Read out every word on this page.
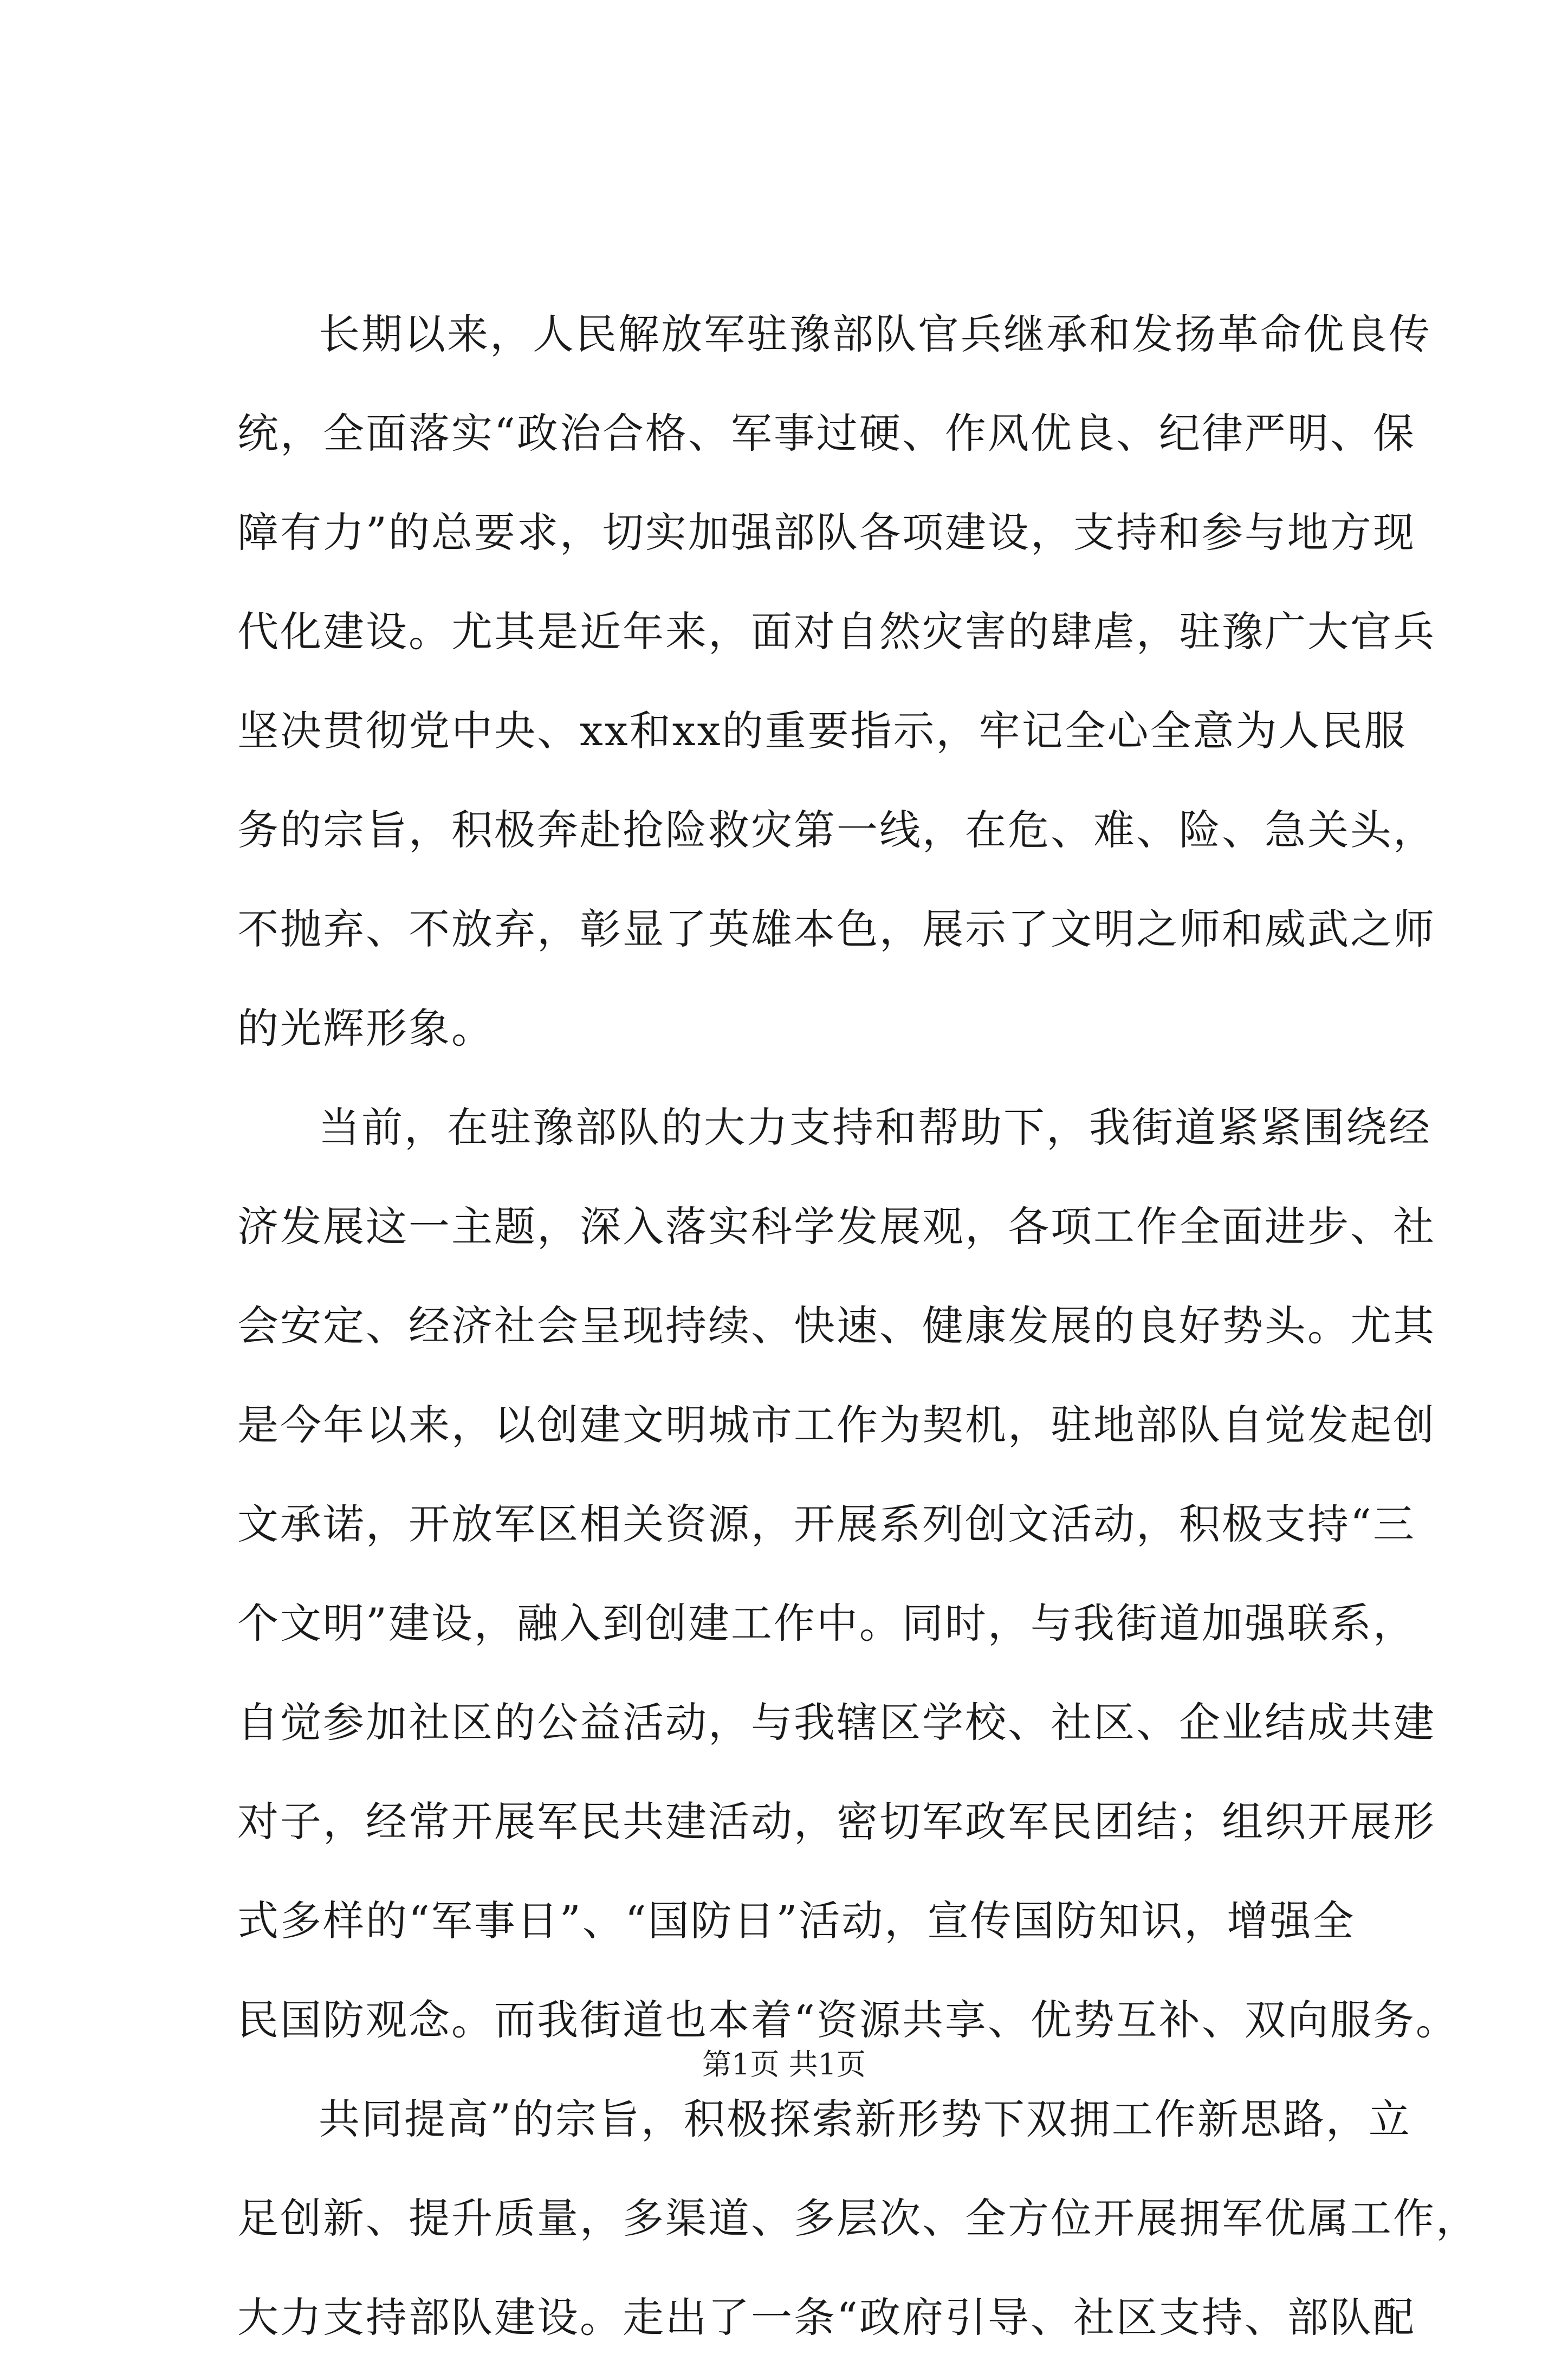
长期以来，人民解放军驻豫部队官兵继承和发扬革命优良传
统，全面落实“政治合格、军事过硬、作风优良、纪律严明、保
障有力”的总要求，切实加强部队各项建设，支持和参与地方现
代化建设。尤其是近年来，面对自然灾害的肆虐，驻豫广大官兵
坚决贯彻党中央、xx和xx的重要指示，牢记全心全意为人民服
务的宗旨，积极奔赴抢险救灾第一线，在危、难、险、急关头，
不抛弃、不放弃，彰显了英雄本色，展示了文明之师和威武之师
的光辉形象。
当前，在驻豫部队的大力支持和帮助下，我街道紧紧围绕经
济发展这一主题，深入落实科学发展观，各项工作全面进步、社
会安定、经济社会呈现持续、快速、健康发展的良好势头。尤其
是今年以来，以创建文明城市工作为契机，驻地部队自觉发起创
文承诺，开放军区相关资源，开展系列创文活动，积极支持“三
个文明”建设，融入到创建工作中。同时，与我街道加强联系，
自觉参加社区的公益活动，与我辖区学校、社区、企业结成共建
对子，经常开展军民共建活动，密切军政军民团结；组织开展形
式多样的“军事日”、“国防日”活动，宣传国防知识，增强全
民国防观念。而我街道也本着“资源共享、优势互补、双向服务。
共同提高”的宗旨，积极探索新形势下双拥工作新思路，立
足创新、提升质量，多渠道、多层次、全方位开展拥军优属工作，
大力支持部队建设。走出了一条“政府引导、社区支持、部队配
第1页 共1页
